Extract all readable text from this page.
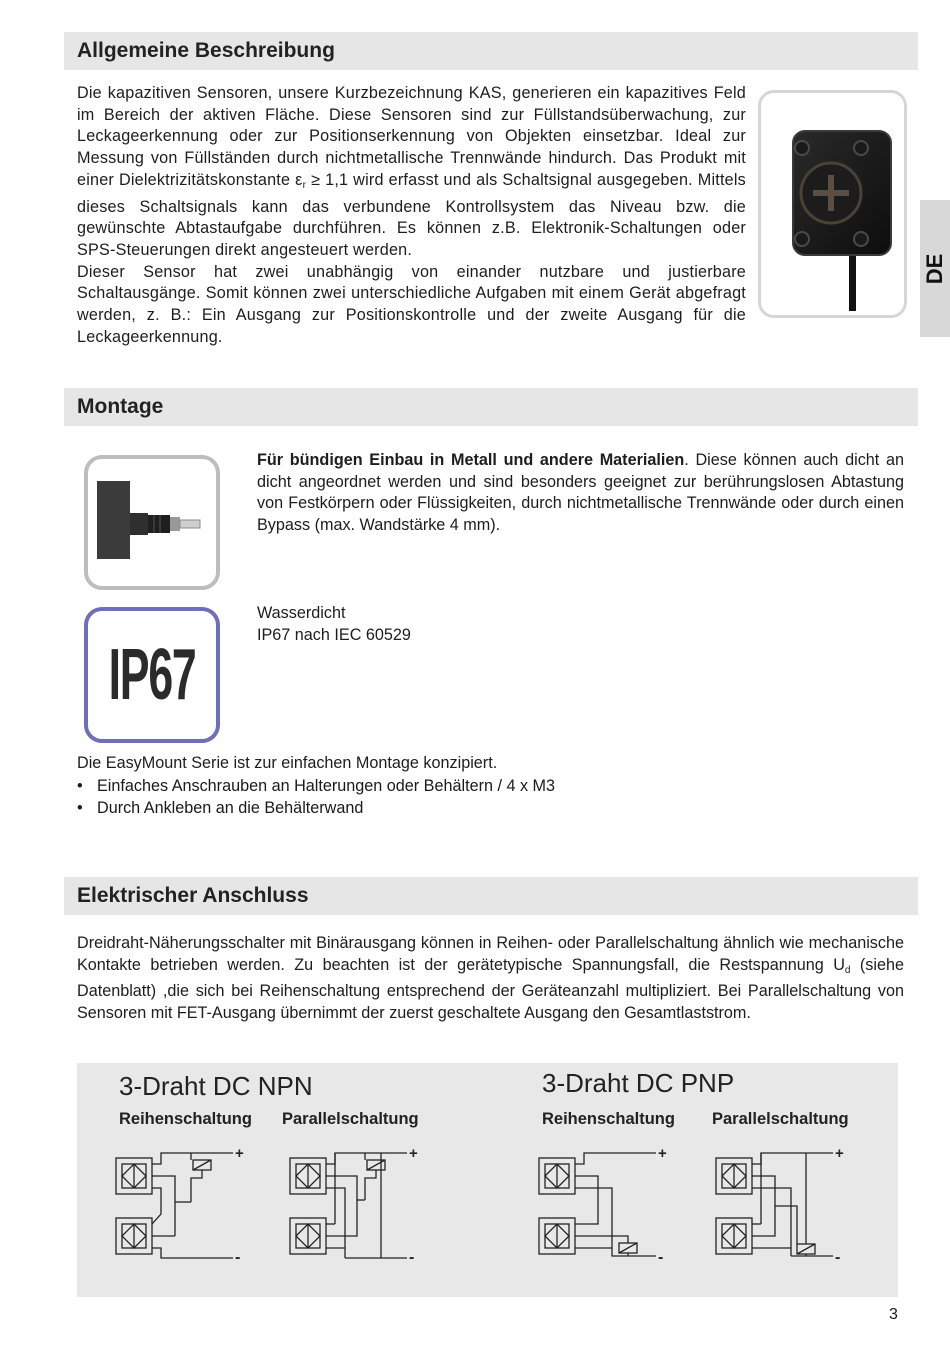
Allgemeine Beschreibung

Die kapazitiven Sensoren, unsere Kurzbezeichnung KAS, generieren ein kapazitives Feld im Bereich der aktiven Fläche. Diese Sensoren sind zur Füllstandsüberwachung, zur Leckageerkennung oder zur Positionserkennung von Objekten einsetzbar. Ideal zur Messung von Füllständen durch nichtmetallische Trennwände hindurch. Das Produkt mit einer Dielektrizitätskonstante $\varepsilon_r \ge 1,1$ wird erfasst und als Schaltsignal ausgegeben. Mittels dieses Schaltsignals kann das verbundene Kontrollsystem das Niveau bzw. die gewünschte Abtastaufgabe durchführen. Es können z.B. Elektronik-Schaltungen oder SPS-Steuerungen direkt angesteuert werden.

Dieser Sensor hat zwei unabhängig von einander nutzbare und justierbare Schaltausgänge. Somit können zwei unterschiedliche Aufgaben mit einem Gerät abgefragt werden, z. B.: Ein Ausgang zur Positionskontrolle und der zweite Ausgang für die Leckageerkennung.

DE
Montage

Für bündigen Einbau in Metall und andere Materialien. Diese können auch dicht an dicht angeordnet werden und sind besonders geeignet zur berührungslosen Abtastung von Festkörpern oder Flüssigkeiten, durch nichtmetallische Trennwände oder durch einen Bypass (max. Wandstärke 4 mm).

IP67

Wasserdicht

IP67 nach IEC 60529

Die EasyMount Serie ist zur einfachen Montage konzipiert.

• Einfaches Anschrauben an Halterungen oder Behältern / 4 x M3
• Durch Ankleben an die Behälterwand
Elektrischer Anschluss

Dreidraht-Näherungsschalter mit Binärausgang können in Reihen- oder Parallelschaltung ähnlich wie mechanische Kontakte betrieben werden. Zu beachten ist der gerätetypische Spannungsfall, die Restspannung $U_d$ (siehe Datenblatt) ,die sich bei Reihenschaltung entsprechend der Geräteanzahl multipliziert. Bei Parallelschaltung von Sensoren mit FET-Ausgang übernimmt der zuerst geschaltete Ausgang den Gesamtlaststrom.

3-Draht DC NPN	3-Draht DC PNP
Reihenschaltung Parallelschaltung	Reihenschaltung Parallelschaltung
+
-
+
-
+
-
+
-
3
